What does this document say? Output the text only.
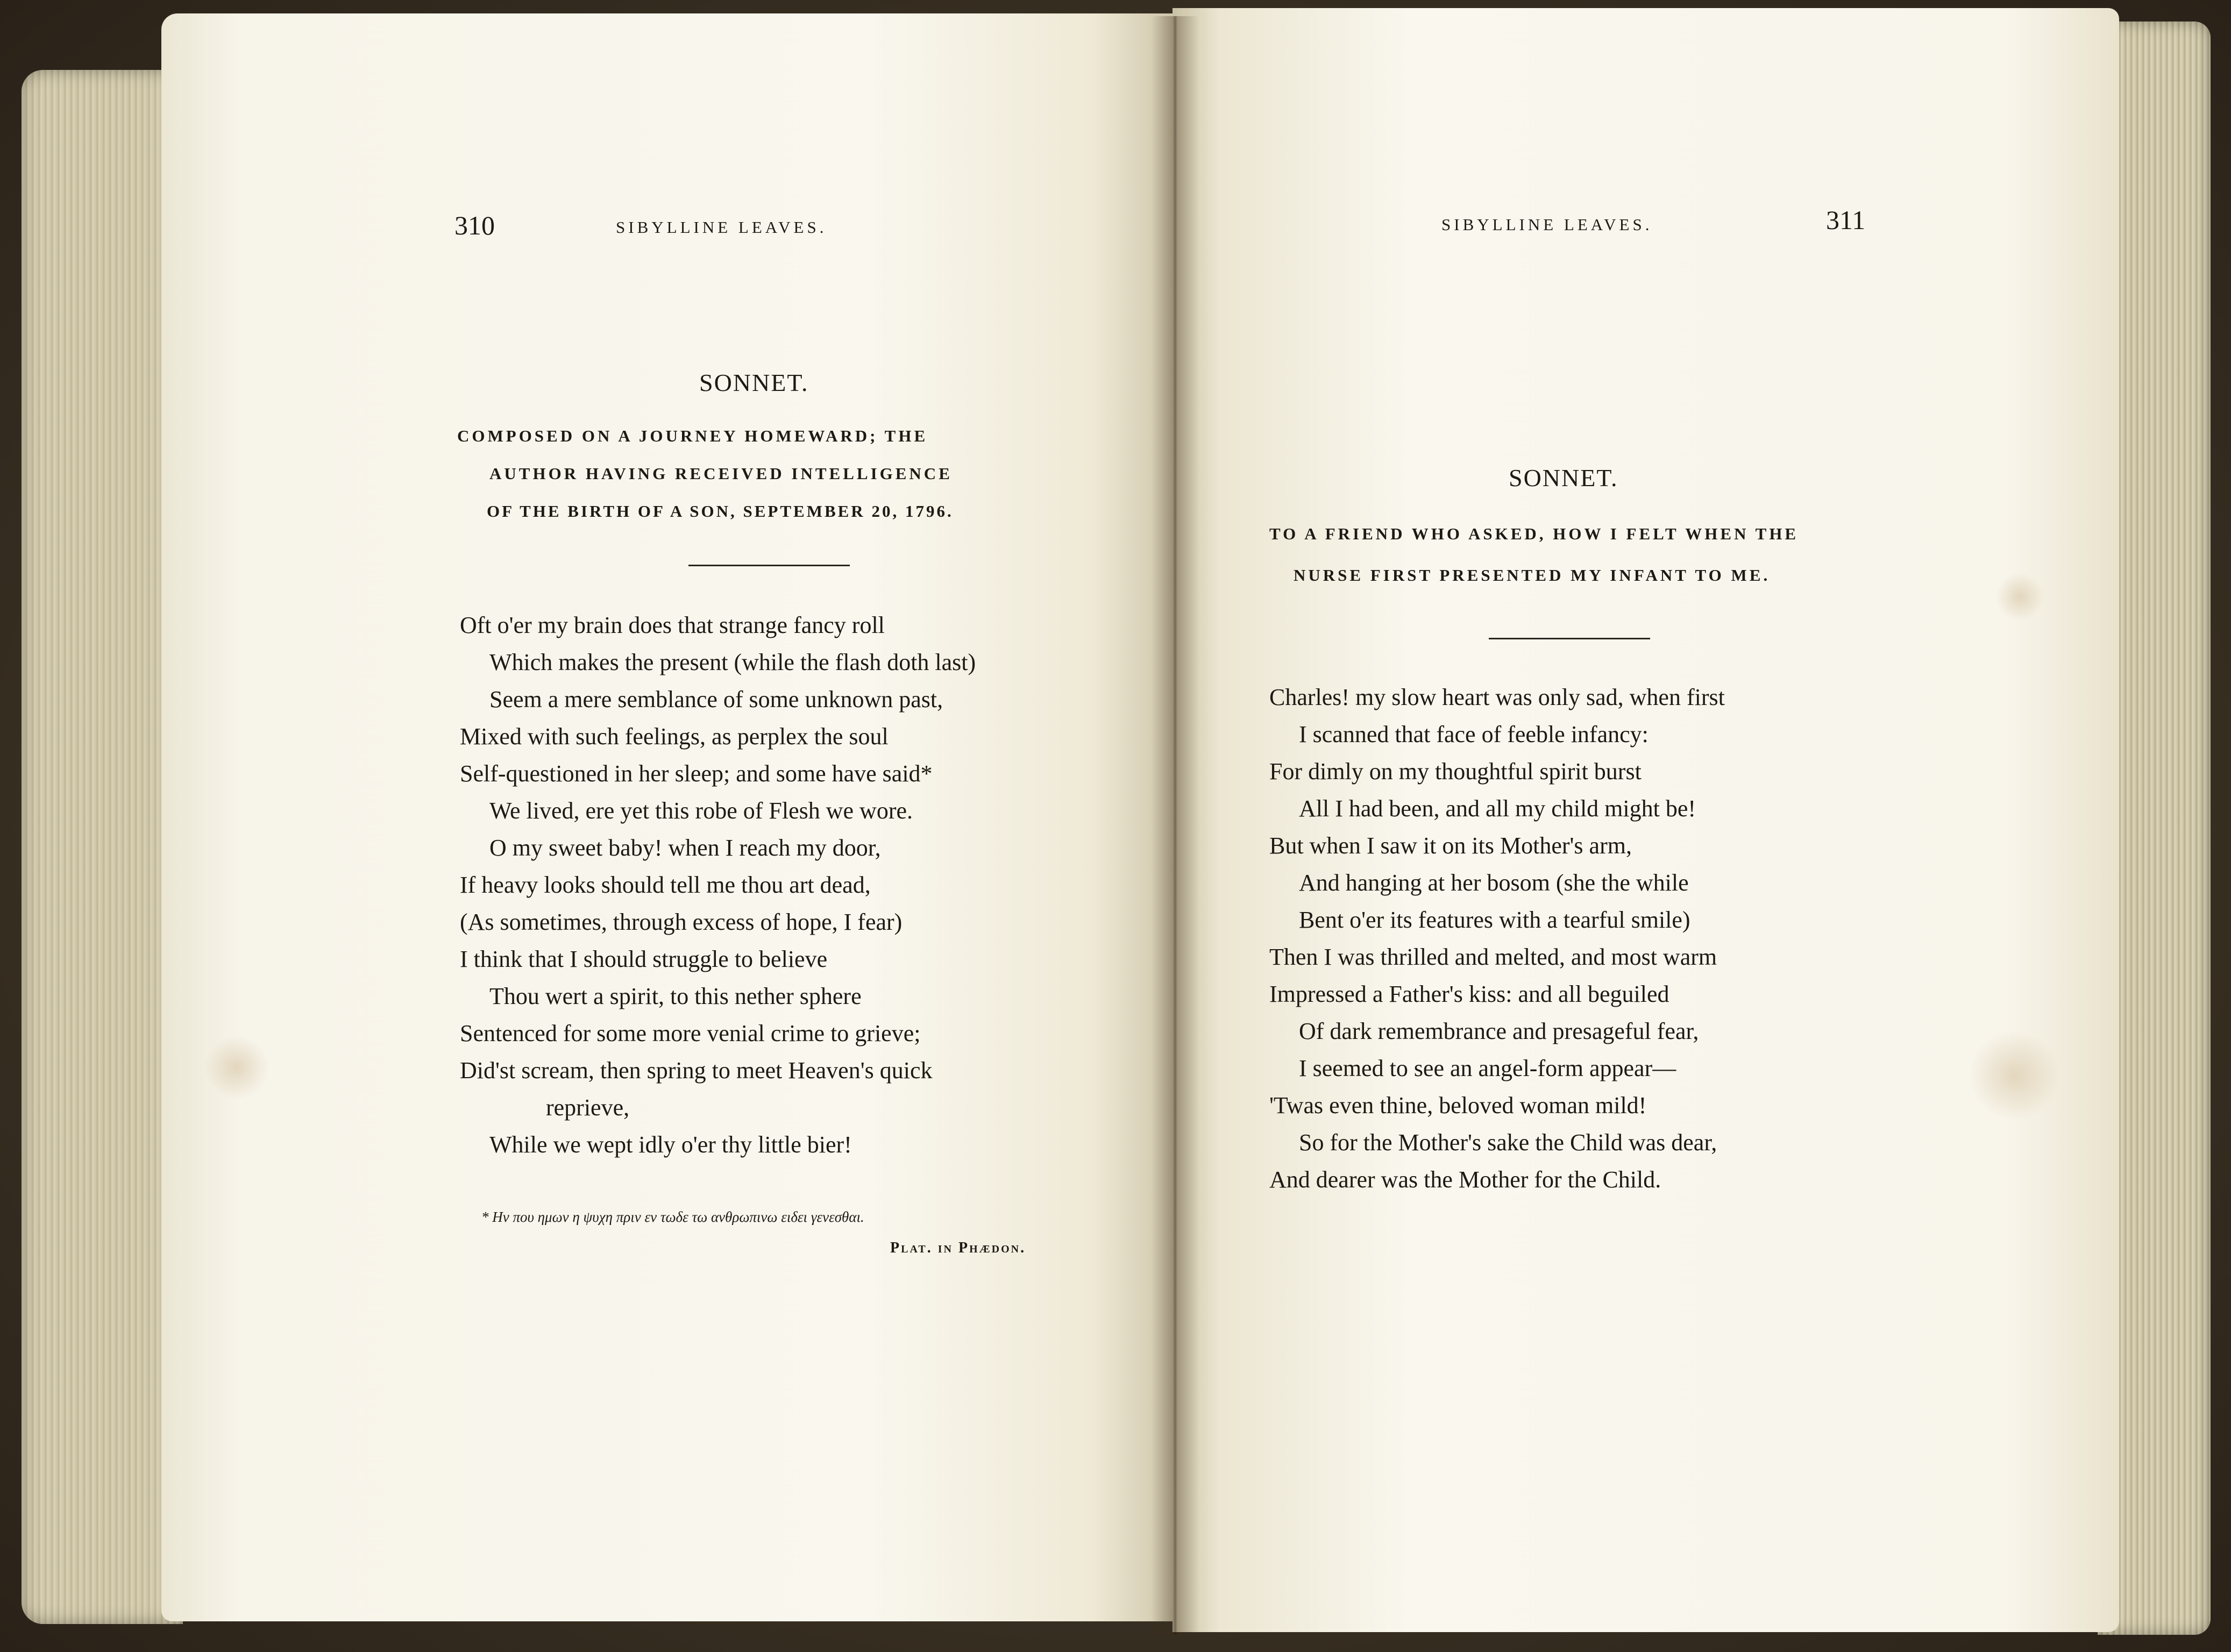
310	SIBYLLINE LEAVES.
SONNET.
COMPOSED ON A JOURNEY HOMEWARD; THE
AUTHOR HAVING RECEIVED INTELLIGENCE
OF THE BIRTH OF A SON, SEPTEMBER 20, 1796.
Oft o'er my brain does that strange fancy roll
Which makes the present (while the flash doth last)
Seem a mere semblance of some unknown past,
Mixed with such feelings, as perplex the soul
Self-questioned in her sleep; and some have said*
We lived, ere yet this robe of Flesh we wore.
O my sweet baby! when I reach my door,
If heavy looks should tell me thou art dead,
(As sometimes, through excess of hope, I fear)
I think that I should struggle to believe
Thou wert a spirit, to this nether sphere
Sentenced for some more venial crime to grieve;
Did'st scream, then spring to meet Heaven's quick
reprieve,
While we wept idly o'er thy little bier!
* Ην που ημων η ψυχη πριν εν τωδε τω ανθρωπινω ειδει γενεσθαι.
Plat. in Phædon.
SIBYLLINE LEAVES.	311
SONNET.
TO A FRIEND WHO ASKED, HOW I FELT WHEN THE
NURSE FIRST PRESENTED MY INFANT TO ME.
Charles! my slow heart was only sad, when first
I scanned that face of feeble infancy:
For dimly on my thoughtful spirit burst
All I had been, and all my child might be!
But when I saw it on its Mother's arm,
And hanging at her bosom (she the while
Bent o'er its features with a tearful smile)
Then I was thrilled and melted, and most warm
Impressed a Father's kiss: and all beguiled
Of dark remembrance and presageful fear,
I seemed to see an angel-form appear—
'Twas even thine, beloved woman mild!
So for the Mother's sake the Child was dear,
And dearer was the Mother for the Child.
